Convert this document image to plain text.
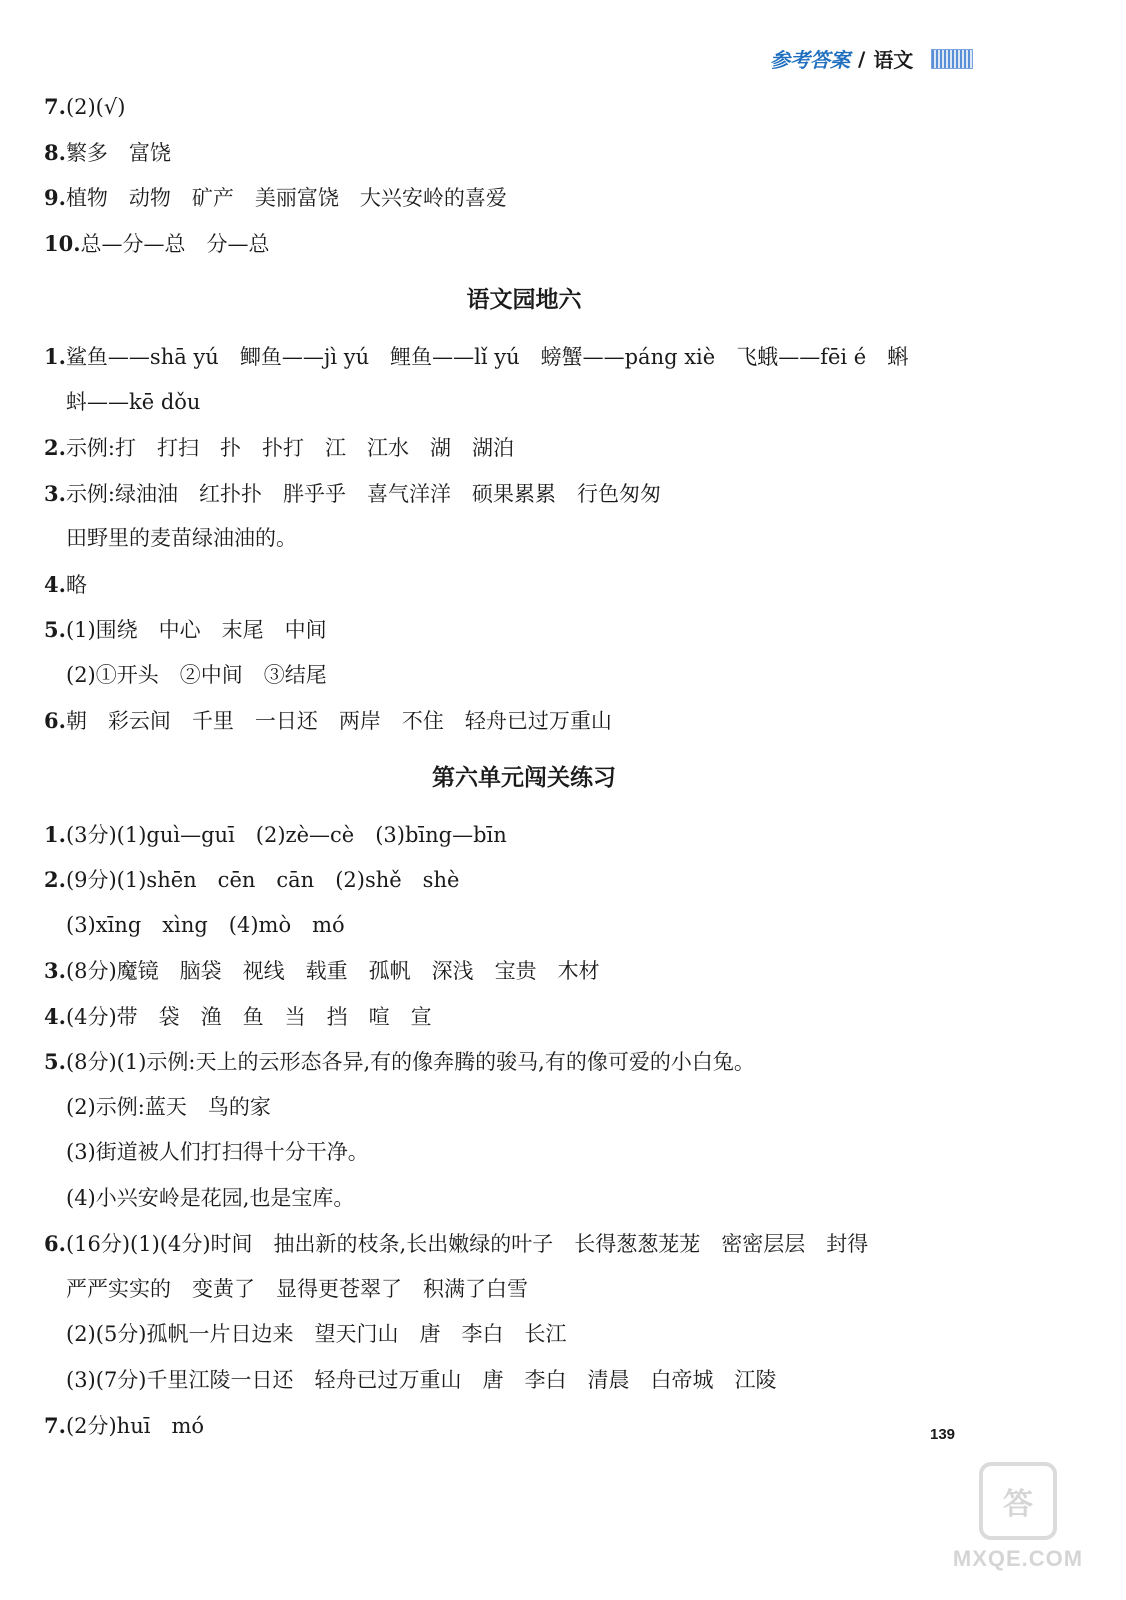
参考答案 / 语文
7.(2)(√)
8.繁多　富饶
9.植物　动物　矿产　美丽富饶　大兴安岭的喜爱
10.总—分—总　分—总
语文园地六
1.鲨鱼——shā yú　鲫鱼——jì yú　鲤鱼——lǐ yú　螃蟹——páng xiè　飞蛾——fēi é　蝌
蚪——kē dǒu
2.示例:打　打扫　扑　扑打　江　江水　湖　湖泊
3.示例:绿油油　红扑扑　胖乎乎　喜气洋洋　硕果累累　行色匆匆
田野里的麦苗绿油油的。
4.略
5.(1)围绕　中心　末尾　中间
(2)①开头　②中间　③结尾
6.朝　彩云间　千里　一日还　两岸　不住　轻舟已过万重山
第六单元闯关练习
1.(3分)(1)guì—guī　(2)zè—cè　(3)bīng—bīn
2.(9分)(1)shēn　cēn　cān　(2)shě　shè
(3)xīng　xìng　(4)mò　mó
3.(8分)魔镜　脑袋　视线　载重　孤帆　深浅　宝贵　木材
4.(4分)带　袋　渔　鱼　当　挡　喧　宣
5.(8分)(1)示例:天上的云形态各异,有的像奔腾的骏马,有的像可爱的小白兔。
(2)示例:蓝天　鸟的家
(3)街道被人们打扫得十分干净。
(4)小兴安岭是花园,也是宝库。
6.(16分)(1)(4分)时间　抽出新的枝条,长出嫩绿的叶子　长得葱葱茏茏　密密层层　封得
严严实实的　变黄了　显得更苍翠了　积满了白雪
(2)(5分)孤帆一片日边来　望天门山　唐　李白　长江
(3)(7分)千里江陵一日还　轻舟已过万重山　唐　李白　清晨　白帝城　江陵
7.(2分)huī　mó	139
答
MXQE.COM
